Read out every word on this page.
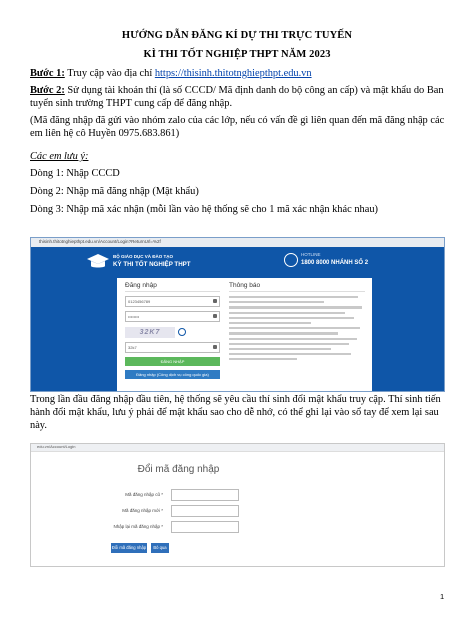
HƯỚNG DẪN ĐĂNG KÍ DỰ THI TRỰC TUYẾN
KÌ THI TỐT NGHIỆP THPT NĂM 2023
Bước 1: Truy cập vào địa chỉ https://thisinh.thitotnghiepthpt.edu.vn
Bước 2: Sử dụng tài khoản thí (là số CCCD/ Mã định danh do bộ công an cấp) và mật khẩu do Ban tuyển sinh trường THPT cung cấp để đăng nhập.
(Mã đăng nhập đã gửi vào nhóm zalo của các lớp, nếu có vấn đề gì liên quan đến mã đăng nhập các em liên hệ cô Huyền 0975.683.861)
Các em lưu ý:
Dòng 1: Nhập CCCD
Dòng 2: Nhập mã đăng nhập (Mật khẩu)
Dòng 3: Nhập mã xác nhận (mỗi lần vào hệ thống sẽ cho 1 mã xác nhận khác nhau)
thisinh.thitotnghiepthpt.edu.vn/Account/Login?ReturnUrl=%2f
BỘ GIÁO DỤC VÀ ĐÀO TẠO
KỲ THI TỐT NGHIỆP THPT
HOTLINE
1800 8000 NHÁNH SỐ 2
Đăng nhập
0123456789
••••••••
32K7
32k7
ĐĂNG NHẬP
Đăng nhập (Công dịch vụ công quốc gia)
Thông báo
Trong lần đầu đăng nhập đầu tiên, hệ thống sẽ yêu cầu thí sinh đổi mật khẩu truy cập. Thí sinh tiến hành đổi mật khẩu, lưu ý phải để mật khẩu sao cho dễ nhớ, có thể ghi lại vào sổ tay để xem lại sau này.
edu.vn/Account/Login
Đổi mã đăng nhập
Mã đăng nhập cũ *
Mã đăng nhập mới *
Nhập lại mã đăng nhập *
Đổi mã đăng nhập	Bỏ qua
1
